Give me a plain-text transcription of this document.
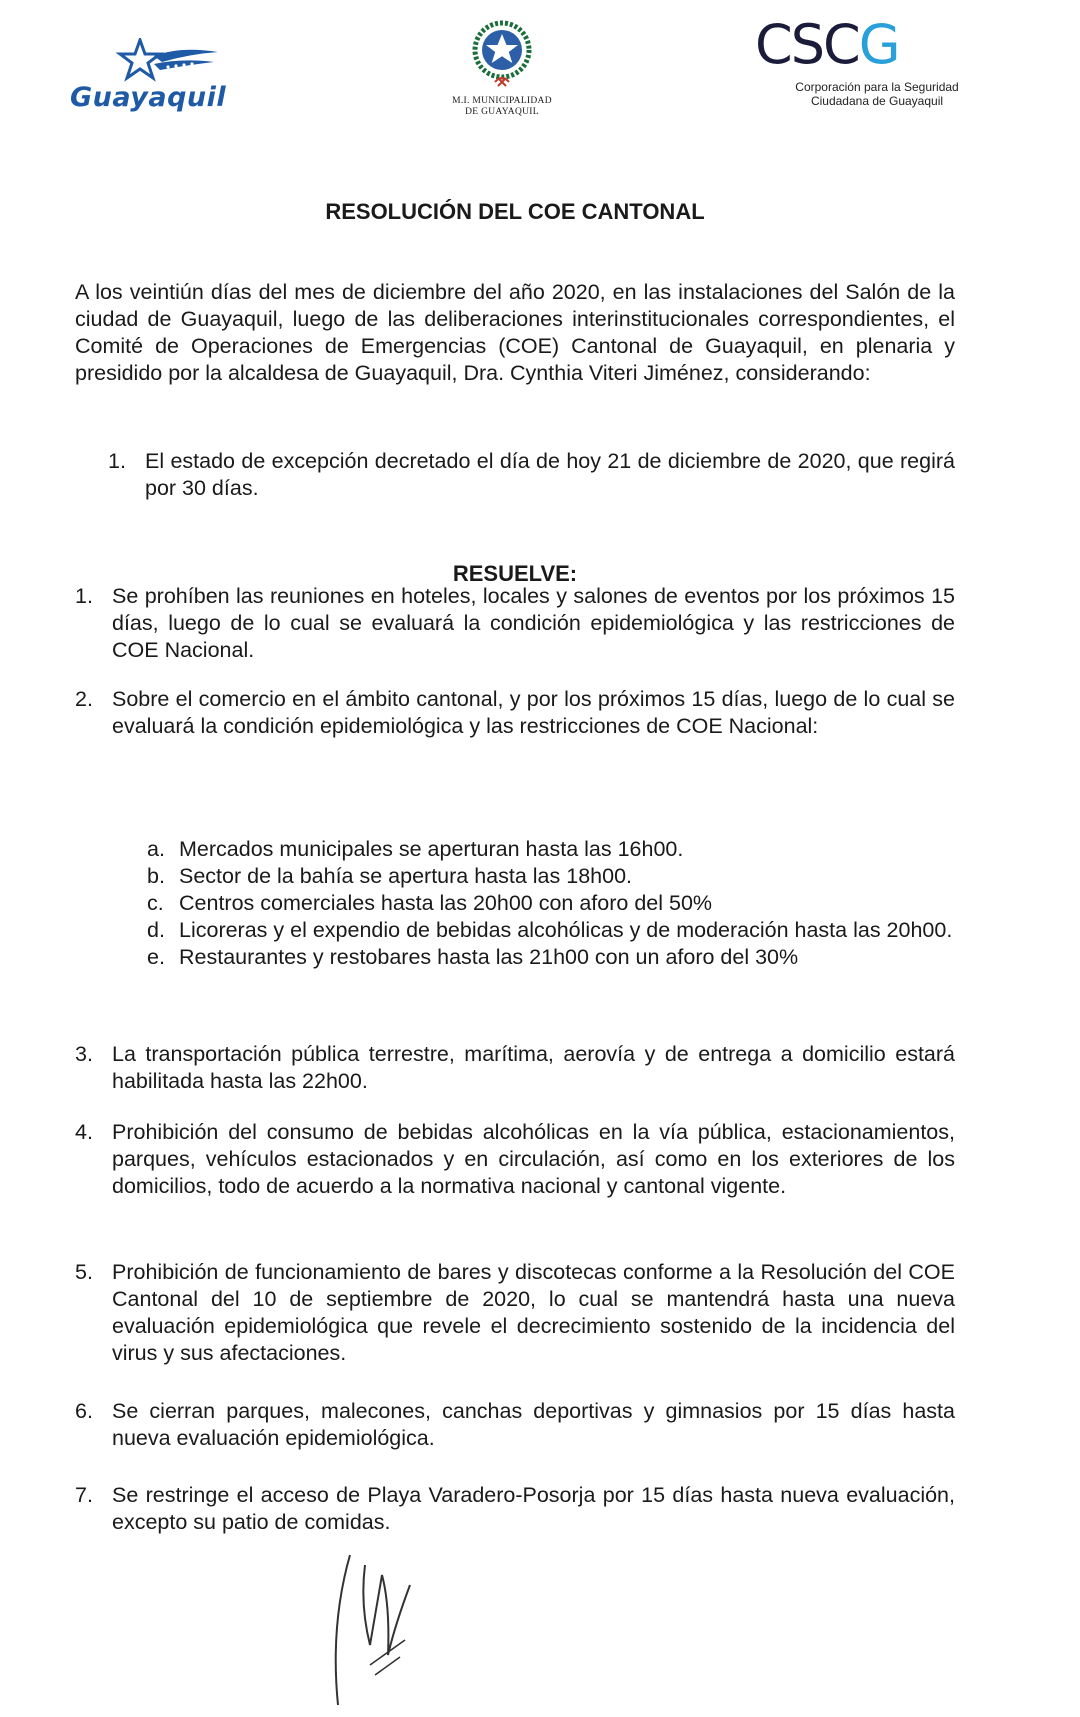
Guayaquil	M.I. MUNICIPALIDAD
DE GUAYAQUIL
CSCG
Corporación para la Seguridad
Ciudadana de Guayaquil
RESOLUCIÓN DEL COE CANTONAL
A los veintiún días del mes de diciembre del año 2020, en las instalaciones del Salón de la ciudad de Guayaquil, luego de las deliberaciones interinstitucionales correspondientes, el Comité de Operaciones de Emergencias (COE) Cantonal de Guayaquil, en plenaria y presidido por la alcaldesa de Guayaquil, Dra. Cynthia Viteri Jiménez, considerando:
1. El estado de excepción decretado el día de hoy 21 de diciembre de 2020, que regirá por 30 días.
RESUELVE:
1. Se prohíben las reuniones en hoteles, locales y salones de eventos por los próximos 15 días, luego de lo cual se evaluará la condición epidemiológica y las restricciones de COE Nacional.
2. Sobre el comercio en el ámbito cantonal, y por los próximos 15 días, luego de lo cual se evaluará la condición epidemiológica y las restricciones de COE Nacional:
a. Mercados municipales se aperturan hasta las 16h00.
b. Sector de la bahía se apertura hasta las 18h00.
c. Centros comerciales hasta las 20h00 con aforo del 50%
d. Licoreras y el expendio de bebidas alcohólicas y de moderación hasta las 20h00.
e. Restaurantes y restobares hasta las 21h00 con un aforo del 30%
3. La transportación pública terrestre, marítima, aerovía y de entrega a domicilio estará habilitada hasta las 22h00.
4. Prohibición del consumo de bebidas alcohólicas en la vía pública, estacionamientos, parques, vehículos estacionados y en circulación, así como en los exteriores de los domicilios, todo de acuerdo a la normativa nacional y cantonal vigente.
5. Prohibición de funcionamiento de bares y discotecas conforme a la Resolución del COE Cantonal del 10 de septiembre de 2020, lo cual se mantendrá hasta una nueva evaluación epidemiológica que revele el decrecimiento sostenido de la incidencia del virus y sus afectaciones.
6. Se cierran parques, malecones, canchas deportivas y gimnasios por 15 días hasta nueva evaluación epidemiológica.
7. Se restringe el acceso de Playa Varadero-Posorja por 15 días hasta nueva evaluación, excepto su patio de comidas.
